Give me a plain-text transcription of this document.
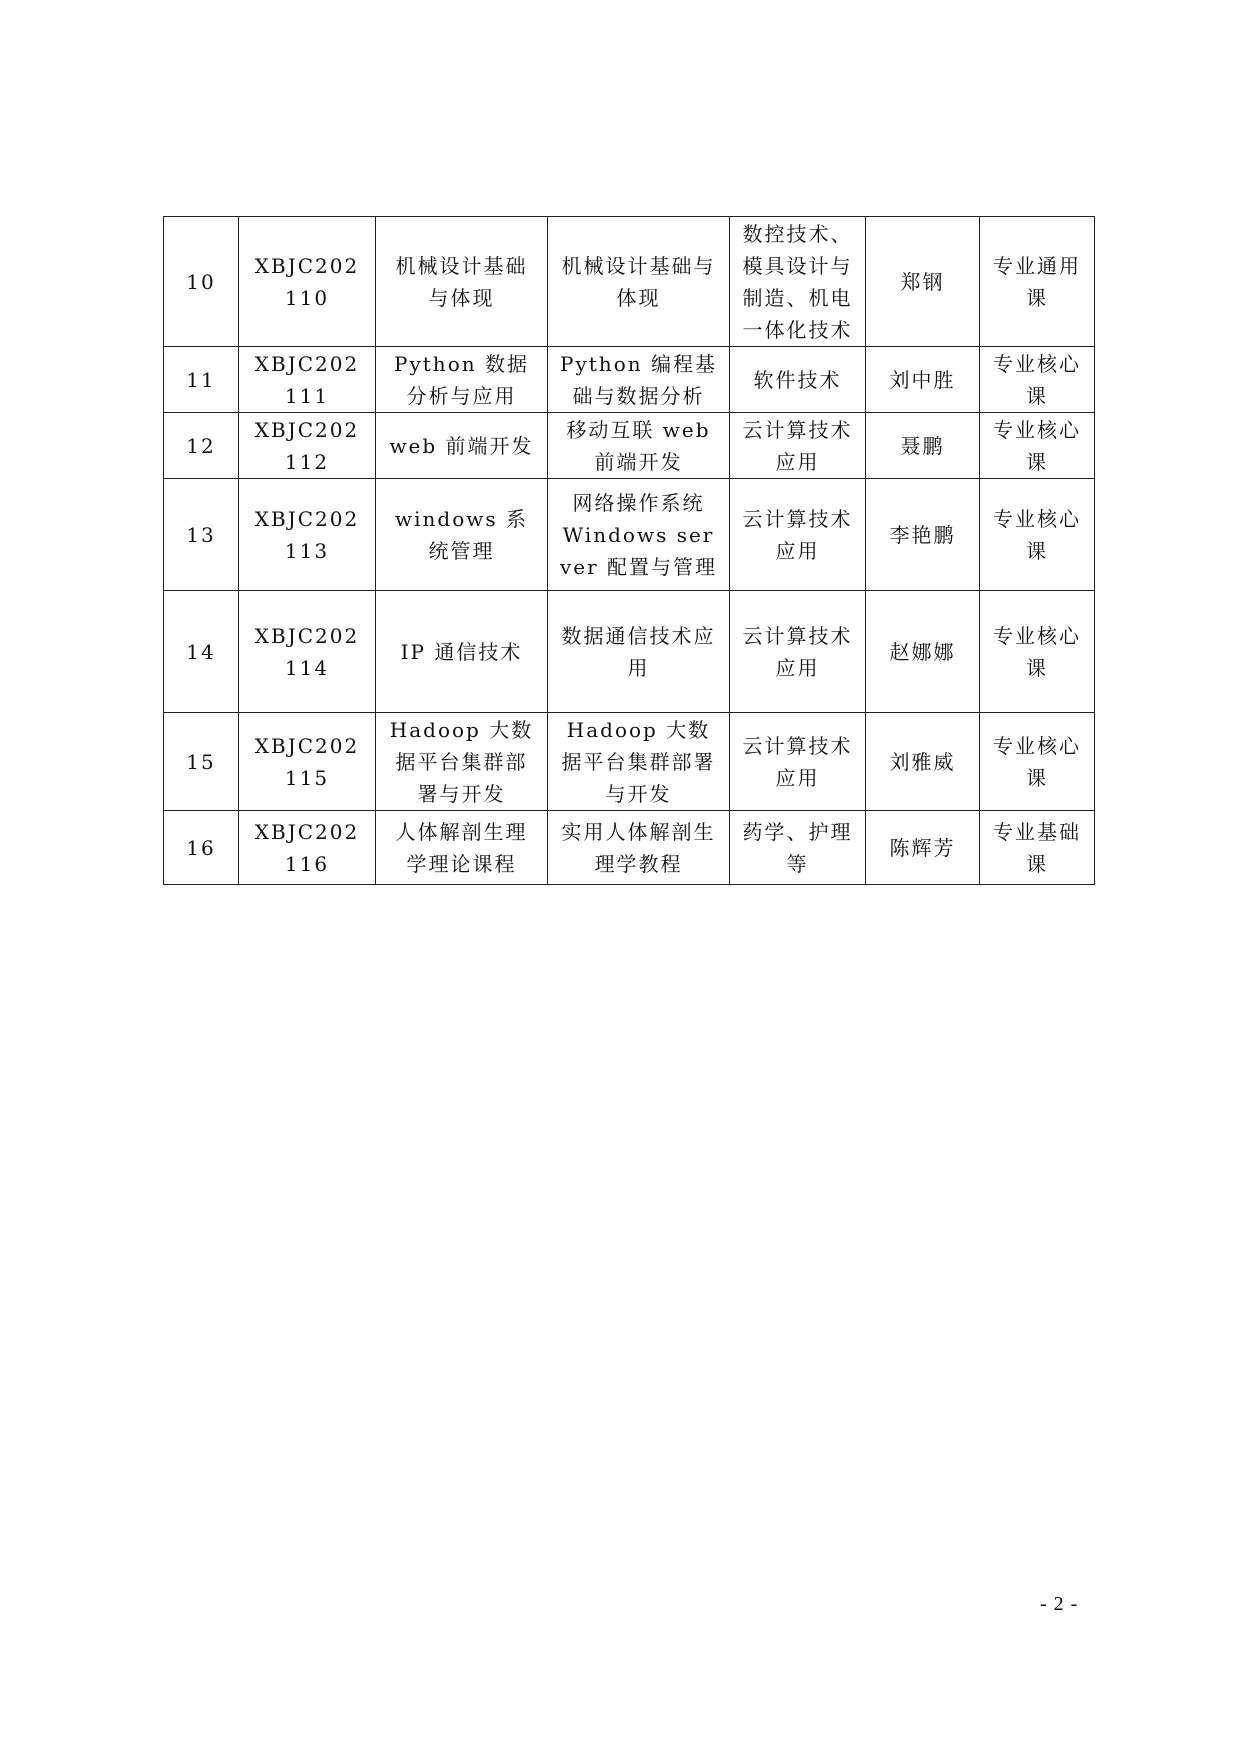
10	XBJC202110	机械设计基础与体现	机械设计基础与体现	数控技术、模具设计与制造、机电一体化技术	郑钢	专业通用课
11	XBJC202111	Python 数据分析与应用	Python 编程基础与数据分析	软件技术	刘中胜	专业核心课
12	XBJC202112	web 前端开发	移动互联 web 前端开发	云计算技术应用	聂鹏	专业核心课
13	XBJC202113	windows 系统管理	网络操作系统 Windows server 配置与管理	云计算技术应用	李艳鹏	专业核心课
14	XBJC202114	IP 通信技术	数据通信技术应用	云计算技术应用	赵娜娜	专业核心课
15	XBJC202115	Hadoop 大数据平台集群部署与开发	Hadoop 大数据平台集群部署与开发	云计算技术应用	刘雅威	专业核心课
16	XBJC202116	人体解剖生理学理论课程	实用人体解剖生理学教程	药学、护理等	陈辉芳	专业基础课
- 2 -
